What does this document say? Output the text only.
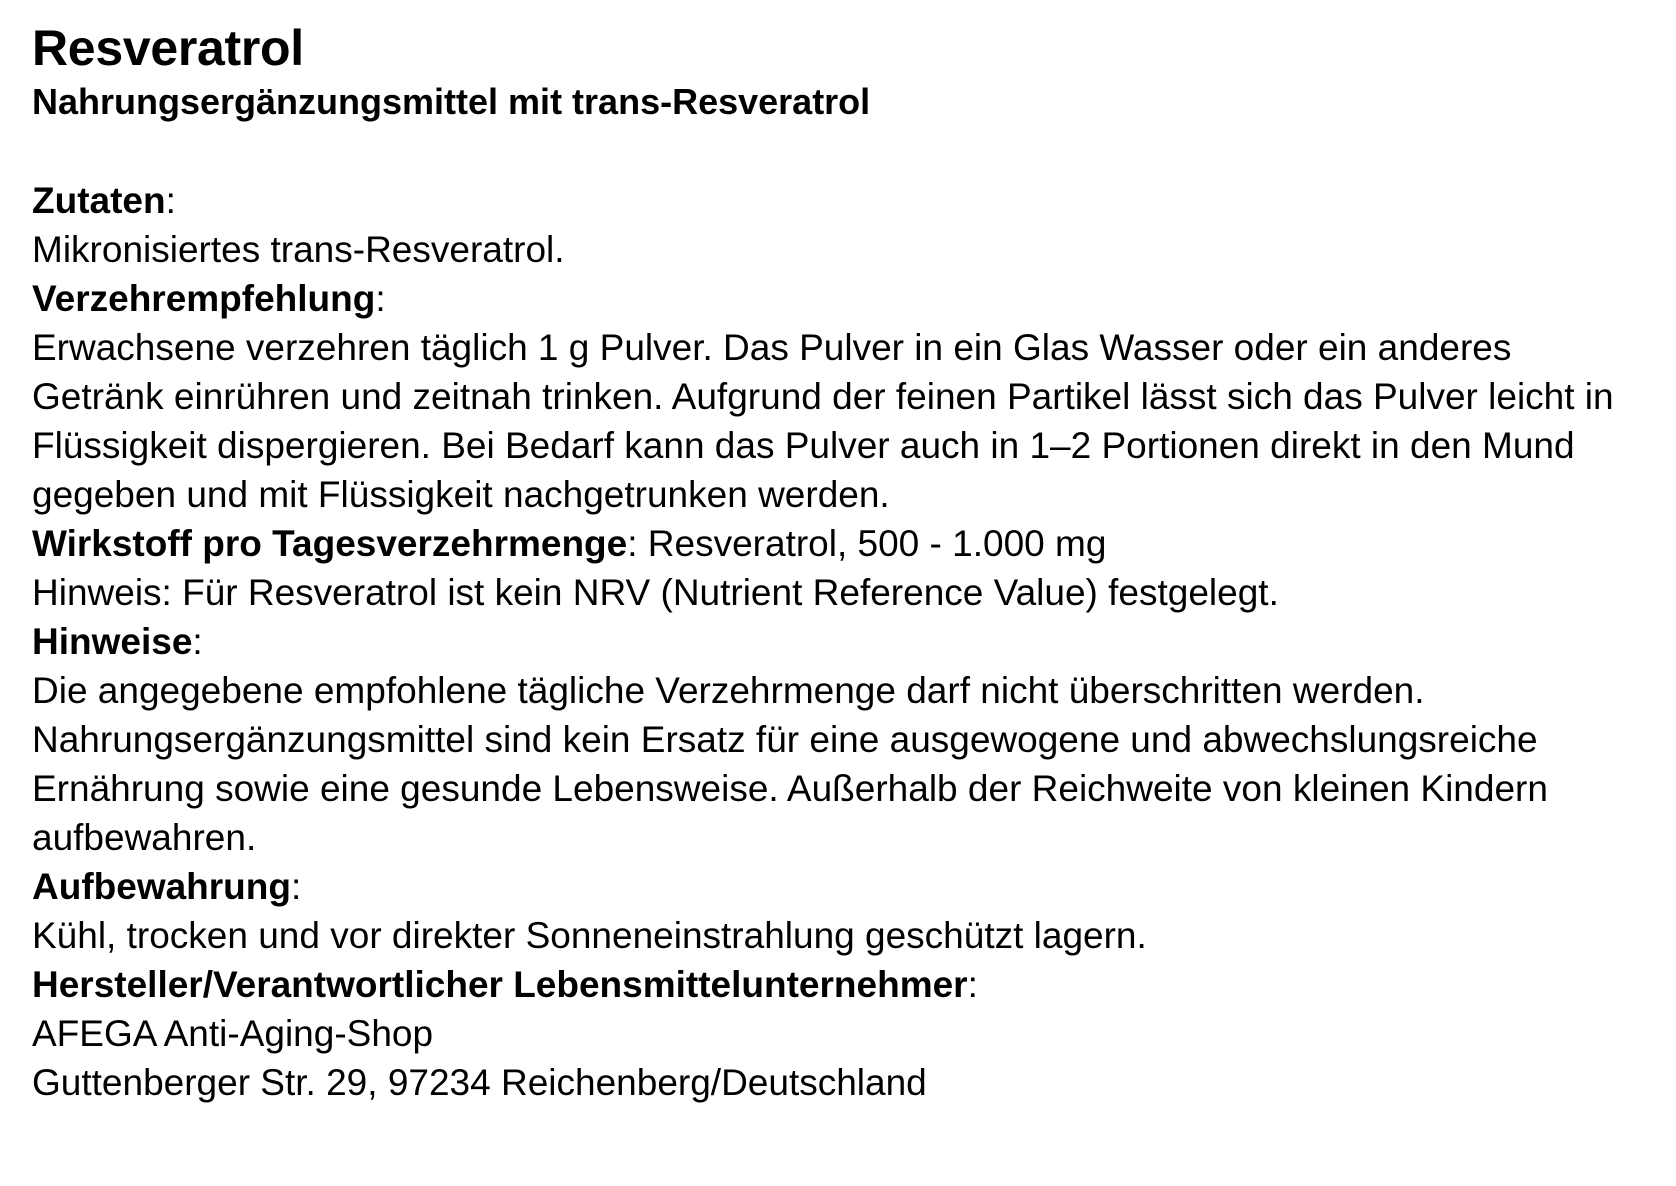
Resveratrol
Nahrungsergänzungsmittel mit trans-Resveratrol
Zutaten:
Mikronisiertes trans-Resveratrol.
Verzehrempfehlung:
Erwachsene verzehren täglich 1 g Pulver. Das Pulver in ein Glas Wasser oder ein anderes Getränk einrühren und zeitnah trinken. Aufgrund der feinen Partikel lässt sich das Pulver leicht in Flüssigkeit dispergieren. Bei Bedarf kann das Pulver auch in 1–2 Portionen direkt in den Mund gegeben und mit Flüssigkeit nachgetrunken werden.
Wirkstoff pro Tagesverzehrmenge: Resveratrol, 500 - 1.000 mg
Hinweis: Für Resveratrol ist kein NRV (Nutrient Reference Value) festgelegt.
Hinweise:
Die angegebene empfohlene tägliche Verzehrmenge darf nicht überschritten werden. Nahrungsergänzungsmittel sind kein Ersatz für eine ausgewogene und abwechslungsreiche Ernährung sowie eine gesunde Lebensweise. Außerhalb der Reichweite von kleinen Kindern aufbewahren.
Aufbewahrung:
Kühl, trocken und vor direkter Sonneneinstrahlung geschützt lagern.
Hersteller/Verantwortlicher Lebensmittelunternehmer:
AFEGA Anti-Aging-Shop
Guttenberger Str. 29, 97234 Reichenberg/Deutschland
